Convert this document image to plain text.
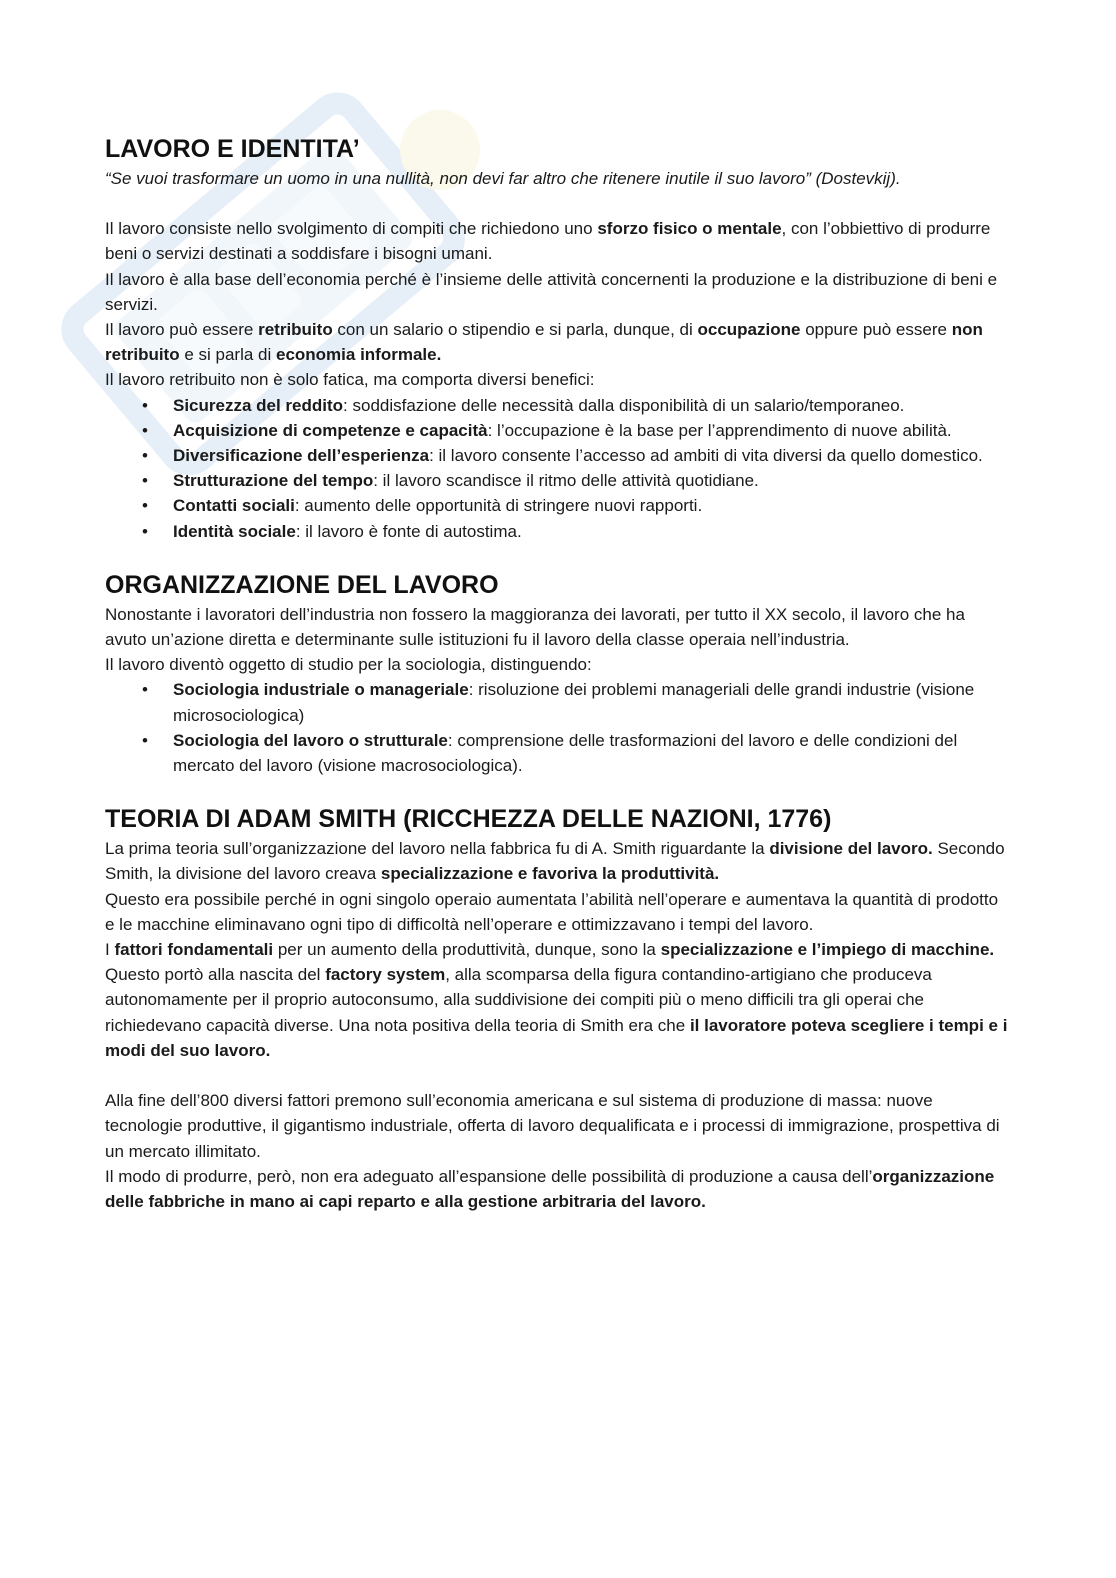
LAVORO E IDENTITA’

“Se vuoi trasformare un uomo in una nullità, non devi far altro che ritenere inutile il suo lavoro” (Dostevkij).

Il lavoro consiste nello svolgimento di compiti che richiedono uno sforzo fisico o mentale, con l’obbiettivo di produrre beni o servizi destinati a soddisfare i bisogni umani.

Il lavoro è alla base dell’economia perché è l’insieme delle attività concernenti la produzione e la distribuzione di beni e servizi.

Il lavoro può essere retribuito con un salario o stipendio e si parla, dunque, di occupazione oppure può essere non retribuito e si parla di economia informale.

Il lavoro retribuito non è solo fatica, ma comporta diversi benefici:

• Sicurezza del reddito: soddisfazione delle necessità dalla disponibilità di un salario/temporaneo.
• Acquisizione di competenze e capacità: l’occupazione è la base per l’apprendimento di nuove abilità.
• Diversificazione dell’esperienza: il lavoro consente l’accesso ad ambiti di vita diversi da quello domestico.
• Strutturazione del tempo: il lavoro scandisce il ritmo delle attività quotidiane.
• Contatti sociali: aumento delle opportunità di stringere nuovi rapporti.
• Identità sociale: il lavoro è fonte di autostima.
ORGANIZZAZIONE DEL LAVORO

Nonostante i lavoratori dell’industria non fossero la maggioranza dei lavorati, per tutto il XX secolo, il lavoro che ha avuto un’azione diretta e determinante sulle istituzioni fu il lavoro della classe operaia nell’industria.

Il lavoro diventò oggetto di studio per la sociologia, distinguendo:

• Sociologia industriale o manageriale: risoluzione dei problemi manageriali delle grandi industrie (visione microsociologica)
• Sociologia del lavoro o strutturale: comprensione delle trasformazioni del lavoro e delle condizioni del mercato del lavoro (visione macrosociologica).
TEORIA DI ADAM SMITH (RICCHEZZA DELLE NAZIONI, 1776)

La prima teoria sull’organizzazione del lavoro nella fabbrica fu di A. Smith riguardante la divisione del lavoro. Secondo Smith, la divisione del lavoro creava specializzazione e favoriva la produttività.

Questo era possibile perché in ogni singolo operaio aumentata l’abilità nell’operare e aumentava la quantità di prodotto e le macchine eliminavano ogni tipo di difficoltà nell’operare e ottimizzavano i tempi del lavoro.

I fattori fondamentali per un aumento della produttività, dunque, sono la specializzazione e l’impiego di macchine.

Questo portò alla nascita del factory system, alla scomparsa della figura contandino-artigiano che produceva autonomamente per il proprio autoconsumo, alla suddivisione dei compiti più o meno difficili tra gli operai che richiedevano capacità diverse. Una nota positiva della teoria di Smith era che il lavoratore poteva scegliere i tempi e i modi del suo lavoro.

Alla fine dell’800 diversi fattori premono sull’economia americana e sul sistema di produzione di massa: nuove tecnologie produttive, il gigantismo industriale, offerta di lavoro dequalificata e i processi di immigrazione, prospettiva di un mercato illimitato.

Il modo di produrre, però, non era adeguato all’espansione delle possibilità di produzione a causa dell’organizzazione delle fabbriche in mano ai capi reparto e alla gestione arbitraria del lavoro.
